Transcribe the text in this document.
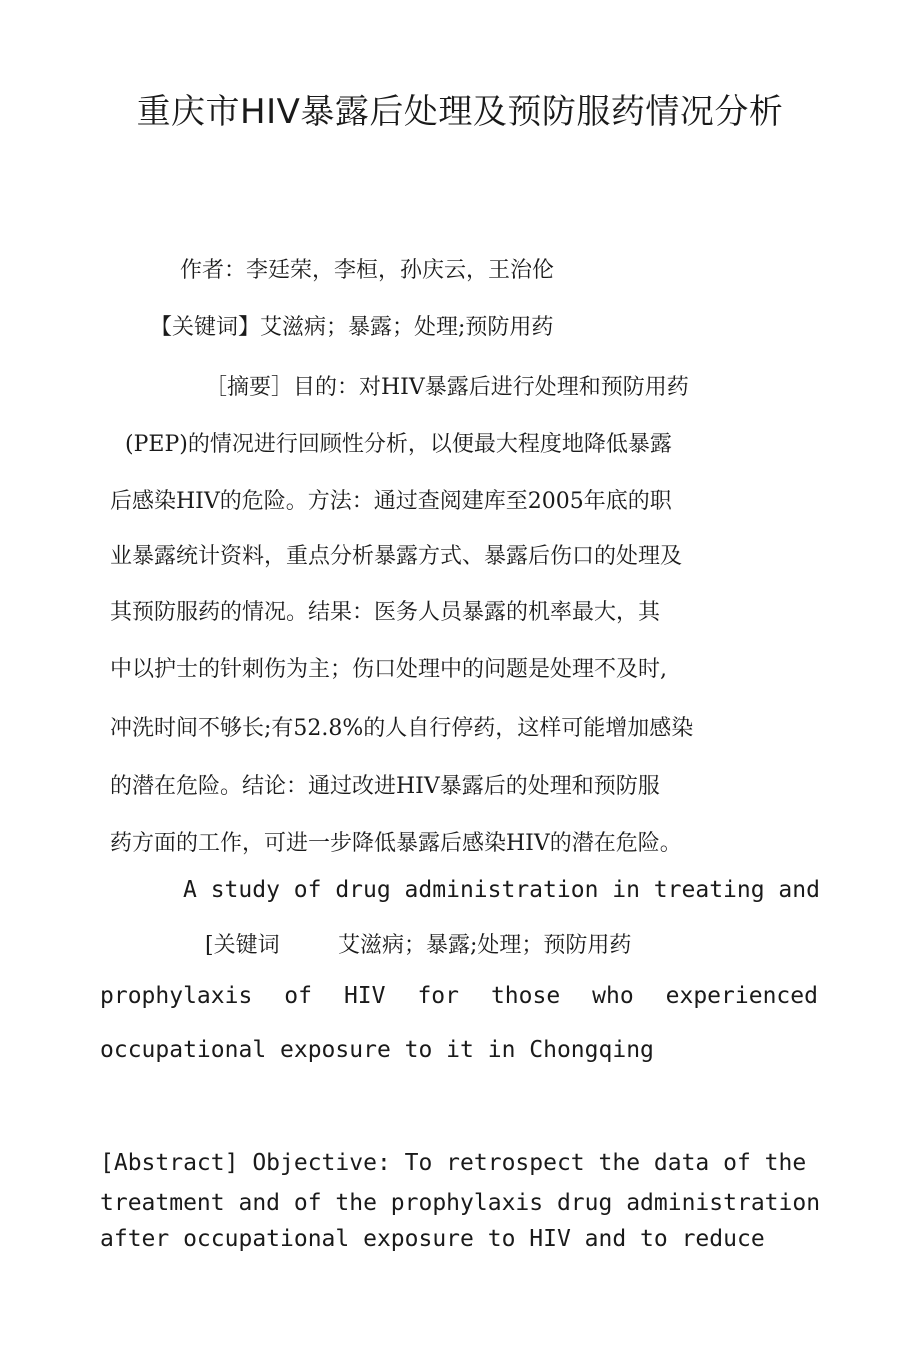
重庆市HIV暴露后处理及预防服药情况分析
作者：李廷荣，李桓，孙庆云，王治伦
【关键词】艾滋病；暴露；处理;预防用药
［摘要］目的：对HIV暴露后进行处理和预防用药
(PEP)的情况进行回顾性分析，以便最大程度地降低暴露
后感染HIV的危险。方法：通过查阅建库至2005年底的职
业暴露统计资料，重点分析暴露方式、暴露后伤口的处理及
其预防服药的情况。结果：医务人员暴露的机率最大，其
中以护士的针刺伤为主；伤口处理中的问题是处理不及时,
冲洗时间不够长;有52.8%的人自行停药，这样可能增加感染
的潜在危险。结论：通过改进HIV暴露后的处理和预防服
药方面的工作，可进一步降低暴露后感染HIV的潜在危险。
A study of drug administration in treating and
[关键词	艾滋病；暴露;处理；预防用药
prophylaxis of HIV for those who experienced
occupational exposure to it in Chongqing
[Abstract] Objective: To retrospect the data of the
treatment and of the prophylaxis drug administration
after occupational exposure to HIV and to reduce
